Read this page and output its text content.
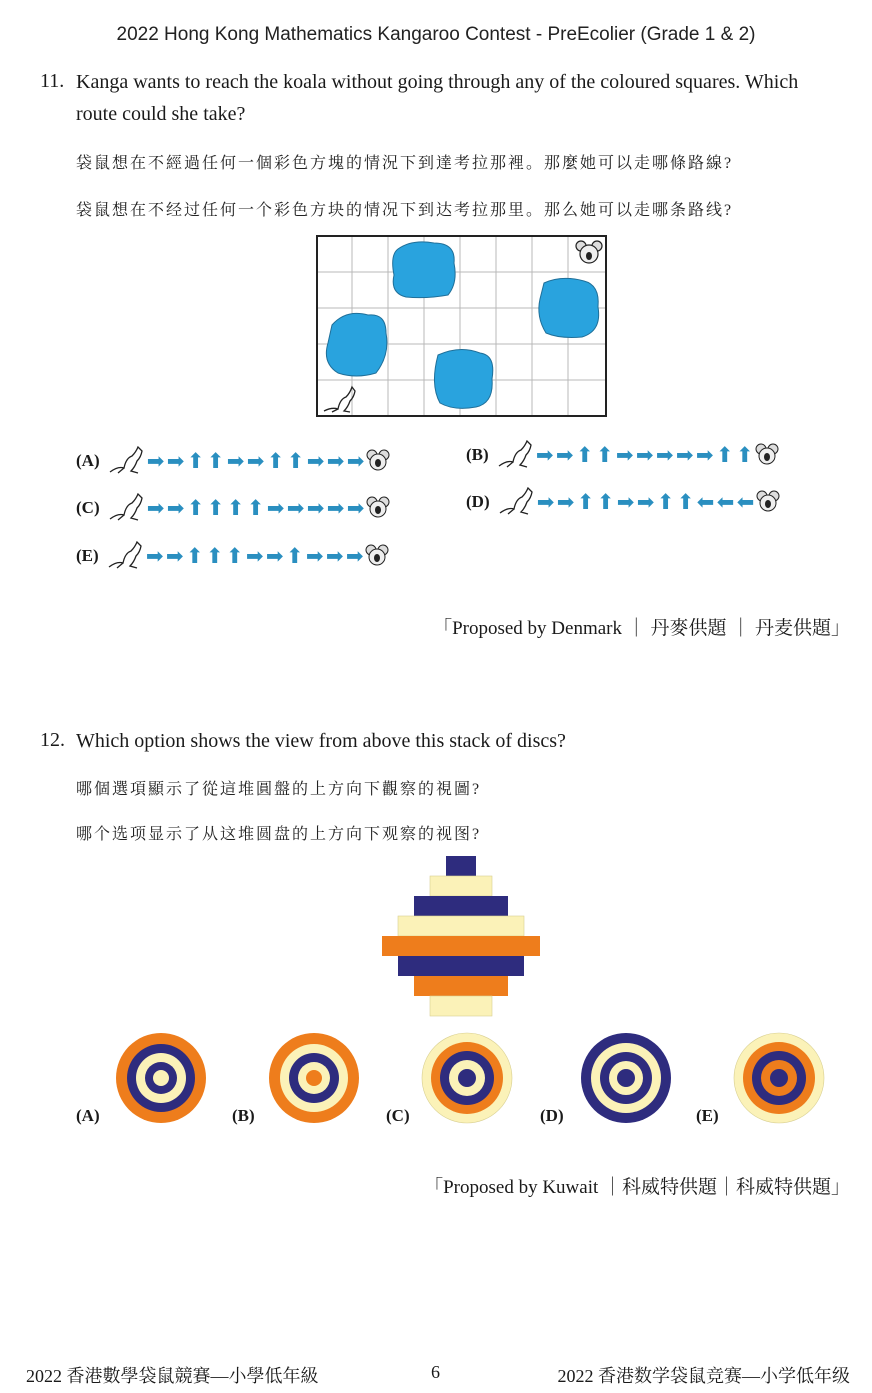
2022 Hong Kong Mathematics Kangaroo Contest - PreEcolier (Grade 1 & 2)
11. Kanga wants to reach the koala without going through any of the coloured squares. Which
route could she take?
袋鼠想在不經過任何一個彩色方塊的情況下到達考拉那裡。那麼她可以走哪條路線?
袋鼠想在不经过任何一个彩色方块的情况下到达考拉那里。那么她可以走哪条路线?
(A) ➡ ➡ ⬆ ⬆ ➡ ➡ ⬆ ⬆ ➡ ➡ ➡	(B) ➡ ➡ ⬆ ⬆ ➡ ➡ ➡ ➡ ➡ ⬆ ⬆
(C) ➡ ➡ ⬆ ⬆ ⬆ ⬆ ➡ ➡ ➡ ➡ ➡	(D) ➡ ➡ ⬆ ⬆ ➡ ➡ ⬆ ⬆ ⬅ ⬅ ⬅
(E) ➡ ➡ ⬆ ⬆ ⬆ ➡ ➡ ⬆ ➡ ➡ ➡
「Proposed by Denmark ｜ 丹麥供題 ｜ 丹麦供題」
12. Which option shows the view from above this stack of discs?
哪個選項顯示了從這堆圓盤的上方向下觀察的視圖?
哪个选项显示了从这堆圆盘的上方向下观察的视图?
(A)	(B)	(C)	(D)	(E)
「Proposed by Kuwait ｜科威特供題｜科威特供題」
2022 香港數學袋鼠競賽—小學低年級	6	2022 香港数学袋鼠竞赛—小学低年级
